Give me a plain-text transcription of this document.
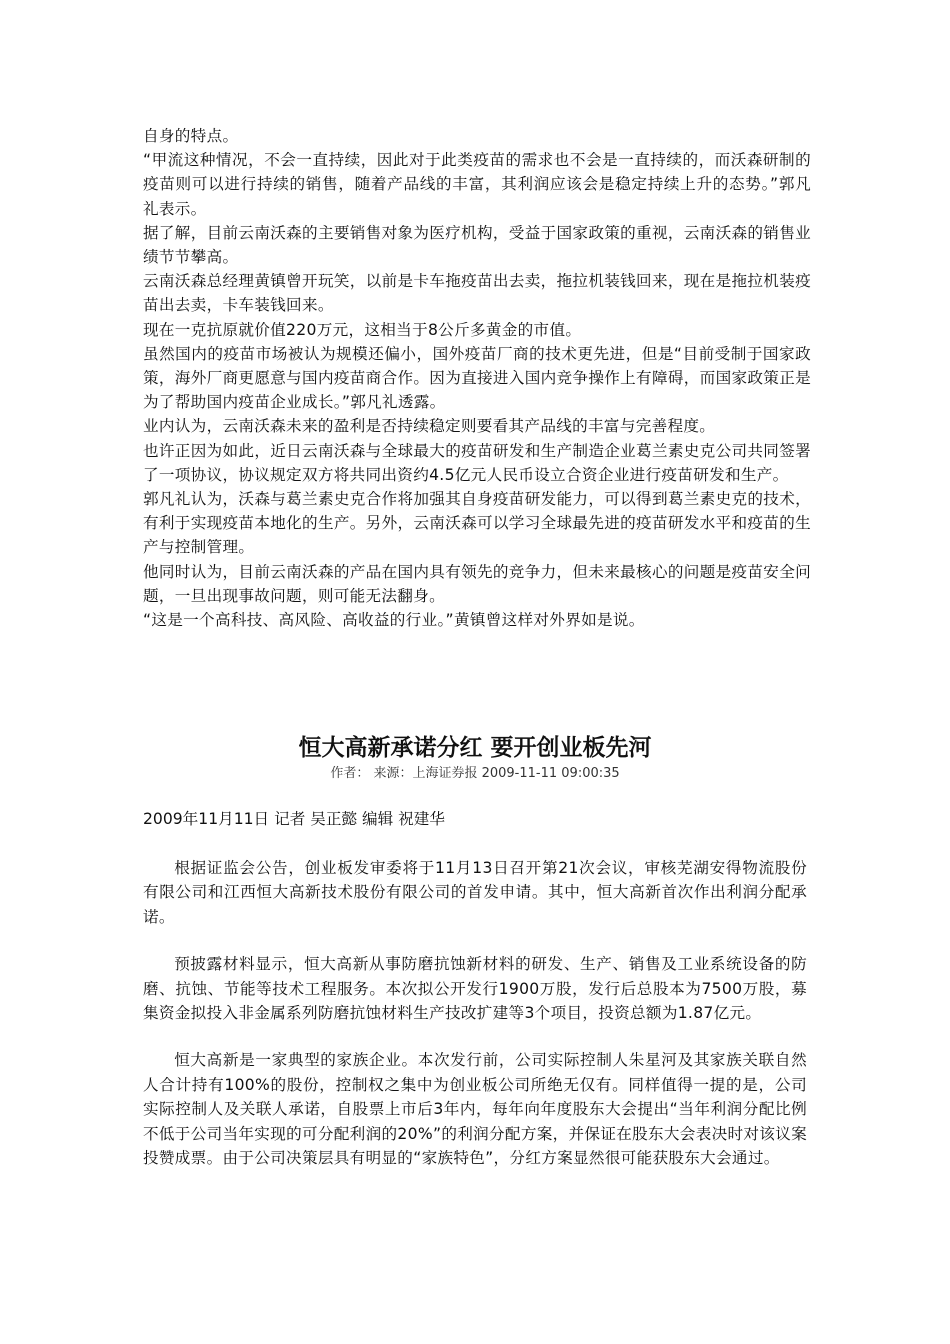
自身的特点。

“甲流这种情况，不会一直持续，因此对于此类疫苗的需求也不会是一直持续的，而沃森研制的疫苗则可以进行持续的销售，随着产品线的丰富，其利润应该会是稳定持续上升的态势。”郭凡礼表示。

据了解，目前云南沃森的主要销售对象为医疗机构，受益于国家政策的重视，云南沃森的销售业绩节节攀高。

云南沃森总经理黄镇曾开玩笑，以前是卡车拖疫苗出去卖，拖拉机装钱回来，现在是拖拉机装疫苗出去卖，卡车装钱回来。

现在一克抗原就价值220万元，这相当于8公斤多黄金的市值。

虽然国内的疫苗市场被认为规模还偏小，国外疫苗厂商的技术更先进，但是“目前受制于国家政策，海外厂商更愿意与国内疫苗商合作。因为直接进入国内竞争操作上有障碍，而国家政策正是为了帮助国内疫苗企业成长。”郭凡礼透露。

业内认为，云南沃森未来的盈利是否持续稳定则要看其产品线的丰富与完善程度。

也许正因为如此，近日云南沃森与全球最大的疫苗研发和生产制造企业葛兰素史克公司共同签署了一项协议，协议规定双方将共同出资约4.5亿元人民币设立合资企业进行疫苗研发和生产。

郭凡礼认为，沃森与葛兰素史克合作将加强其自身疫苗研发能力，可以得到葛兰素史克的技术，有利于实现疫苗本地化的生产。另外，云南沃森可以学习全球最先进的疫苗研发水平和疫苗的生产与控制管理。

他同时认为，目前云南沃森的产品在国内具有领先的竞争力，但未来最核心的问题是疫苗安全问题，一旦出现事故问题，则可能无法翻身。

“这是一个高科技、高风险、高收益的行业。”黄镇曾这样对外界如是说。

恒大高新承诺分红 要开创业板先河
作者： 来源：上海证券报 2009-11-11 09:00:35

2009年11月11日 记者 吴正懿 编辑 祝建华

根据证监会公告，创业板发审委将于11月13日召开第21次会议，审核芜湖安得物流股份有限公司和江西恒大高新技术股份有限公司的首发申请。其中，恒大高新首次作出利润分配承诺。

预披露材料显示，恒大高新从事防磨抗蚀新材料的研发、生产、销售及工业系统设备的防磨、抗蚀、节能等技术工程服务。本次拟公开发行1900万股，发行后总股本为7500万股，募集资金拟投入非金属系列防磨抗蚀材料生产技改扩建等3个项目，投资总额为1.87亿元。

恒大高新是一家典型的家族企业。本次发行前，公司实际控制人朱星河及其家族关联自然人合计持有100%的股份，控制权之集中为创业板公司所绝无仅有。同样值得一提的是，公司实际控制人及关联人承诺，自股票上市后3年内，每年向年度股东大会提出“当年利润分配比例不低于公司当年实现的可分配利润的20%”的利润分配方案，并保证在股东大会表决时对该议案投赞成票。由于公司决策层具有明显的“家族特色”，分红方案显然很可能获股东大会通过。
